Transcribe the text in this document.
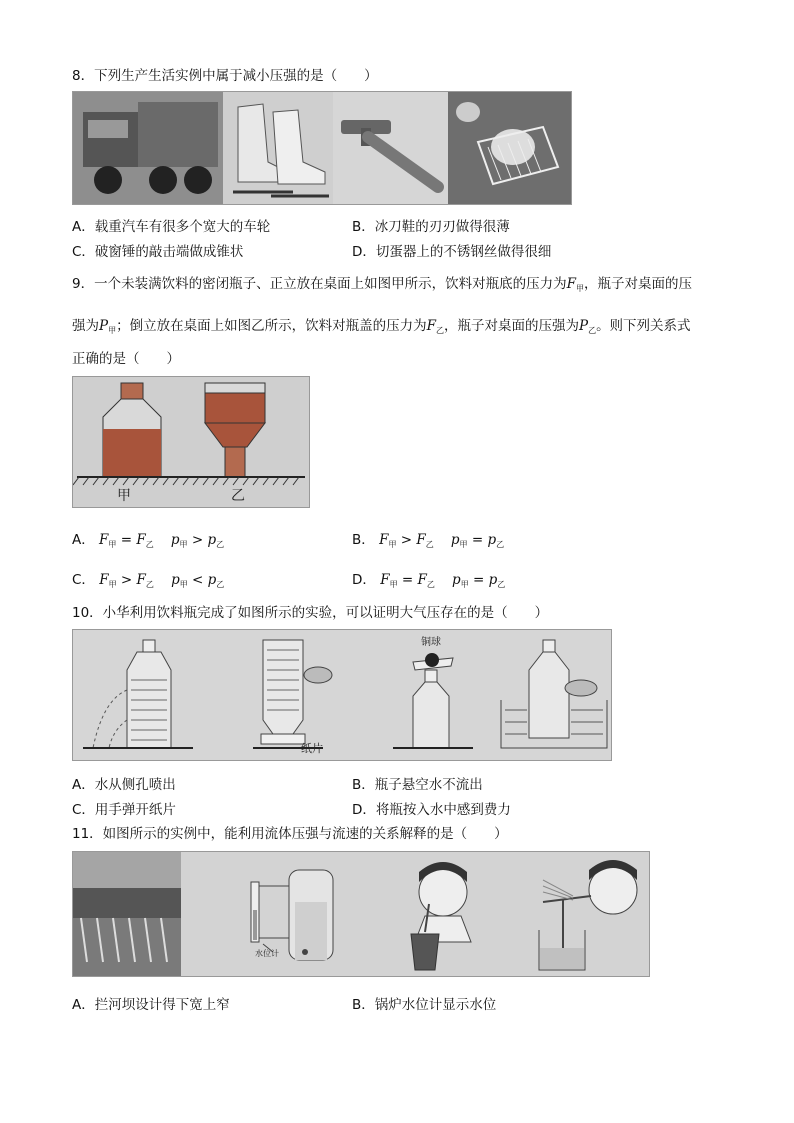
8．下列生产生活实例中属于减小压强的是（　　）
A．载重汽车有很多个宽大的车轮	B．冰刀鞋的刃刃做得很薄
C．破窗锤的敲击端做成锥状	D．切蛋器上的不锈钢丝做得很细
9．一个未装满饮料的密闭瓶子、正立放在桌面上如图甲所示，饮料对瓶底的压力为$F_甲$，瓶子对桌面的压
强为$P_甲$；倒立放在桌面上如图乙所示，饮料对瓶盖的压力为$F_乙$，瓶子对桌面的压强为$P_乙$。则下列关系式
正确的是（　　）
甲	乙
A． $F_甲 = F_乙$ $p_甲 > p_乙$	B． $F_甲 > F_乙$ $p_甲 = p_乙$
C． $F_甲 > F_乙$ $p_甲 < p_乙$	D． $F_甲 = F_乙$ $p_甲 = p_乙$
10．小华利用饮料瓶完成了如图所示的实验，可以证明大气压存在的是（　　）
铜球
纸片
A．水从侧孔喷出	B．瓶子悬空水不流出
C．用手弹开纸片	D．将瓶按入水中感到费力
11．如图所示的实例中，能利用流体压强与流速的关系解释的是（　　）
水位计
A．拦河坝设计得下宽上窄	B．锅炉水位计显示水位
